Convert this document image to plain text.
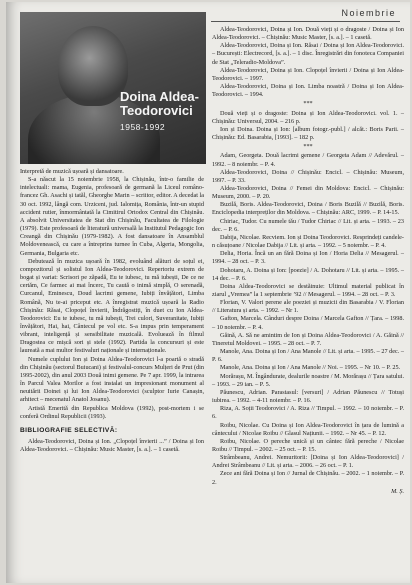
Noiembrie
Doina Aldea-
Teodorovici
1958-1992

Interpretă de muzică ușoară și dansatoare.

S-a născut la 15 noiembrie 1958, la Chișinău, într-o familie de intelectuali: mama, Eugenia, profesoară de germană la Liceul româno-francez Gh. Asachi și tatăl, Gheorghe Marin – scriitor, editor. A decedat la 30 oct. 1992, lângă com. Urziceni, jud. Ialomița, România, într-un stupid accident rutier, înmormântată la Cimitirul Ortodox Central din Chișinău. A absolvit Universitatea de Stat din Chișinău, Facultatea de Filologie (1979). Este profesoară de literatură universală la Institutul Pedagogic Ion Creangă din Chișinău (1979-1982). A fost dansatoare în Ansamblul Moldovenească, cu care a întreprins turnee în Cuba, Algeria, Mongolia, Germania, Bulgaria etc.

Debutează în muzica ușoară în 1982, evoluând alături de soțul ei, compozitorul și solistul Ion Aldea-Teodorovici. Repertoriu extrem de bogat și variat: Scrisori pe zăpadă, Eu te iubesc, tu mă iubești, De ce ne certăm, Ce farmec ai mai încerc, Tu caută o inimă simplă, O serenadă, Curcanul, Eminescu, Doud lacrimi gemene, Iubiți învățători, Limba Română, Nu te-ai priceput etc. A înregistrat muzică ușoară la Radio Chișinău: Răsai, Clopoțel învierii, Îndrăgostiți, în duet cu Ion Aldea-Teodorovici: Eu te iubesc, tu mă iubești, Trei culori, Suveranitate, Iubiți învățători, Hai, hai, Cântecul pe vol etc. S-a impus prin temperament vibrant, inteligență și sensibilitate muzicală. Evoluează în filmul Dragostea ce mișcă sori și stele (1992). Partida la concursuri și este laureată a mai multor festivaluri naționale și internaționale.

Numele cuplului Ion și Doina Aldea-Teodorovici l-a poartă o stradă din Chișinău (sectorul Buiucani) și festivalul-concurs Mulțeri de Prut (din 1995-2002), din anul 2003 Două inimi gemene. Pe 7 apr. 1999, la intrarea în Parcul Valea Morilor a fost instalat un impresionant monument al neuitării Doinei și lui Ion Aldea-Teodorovici (sculptor Iurie Canașin, arhitect – mecenatul Anatol Josanu).

Artistă Emerită din Republica Moldova (1992), post-mortem i se conferă Ordinul Republicii (1993).

BIBLIOGRAFIE SELECTIVĂ:

Aldea-Teodorovici, Doina și Ion. „Clopoțel învierii ...” / Doina și Ion Aldea-Teodorovici. – Chișinău: Music Master, [s. a.]. – 1 casetă.

Aldea-Teodorovici, Doina și Ion. Două vieți și o dragoste / Doina și Ion Aldea-Teodorovici. – Chișinău: Music Master, [s. a.]. – 1 casetă.

Aldea-Teodorovici, Doina și Ion. Răsai / Doina și Ion Aldea-Teodorovici. – București: Electrecord, [s. a.]. – 1 disc. Înregistrări din fonoteca Companiei de Stat „Teleradio-Moldova”.

Aldea-Teodorovici, Doina și Ion. Clopoțel învierii / Doina și Ion Aldea-Teodorovici. – 1997.

Aldea-Teodorovici, Doina și Ion. Limba noastră / Doina și Ion Aldea-Teodorovici. – 1994.

***

Două vieți și o dragoste: Doina și Ion Aldea-Teodorovici. vol. 1. – Chișinău: Universul, 2004. – 216 p.

Ion și Doina. Doina și Ion: [album fotogr.-publ.] / alcăt.: Boris Parii. – Chișinău: Ed. Basarabia, [1993]. – 182 p.

***

Adam, Georgeta. Două lacrimi gemene / Georgeta Adam // Adevărul. – 1992. – 8 noiembr. – P. 4.

Aldea-Teodorovici, Doina // Chișinău: Encicl. – Chișinău: Museum, 1997. – P. 33.

Aldea-Teodorovici, Doina // Femei din Moldova: Encicl. – Chișinău: Museum, 2000. – P. 20.

Buzilă, Boris. Aldea-Teodorovici, Doina / Boris Buzilă // Buzilă, Boris. Enciclopedia interpreților din Moldova. – Chișinău: ARC, 1999. – P. 14-15.

Chiriac, Tudor. Cu numele tău / Tudor Chiriac // Lit. și arta. – 1993. – 23 dec. – P. 6.

Dabija, Nicolae. Recviem. Ion și Doina Teodorovici. Resprindeți candele-n căsuțoane / Nicolae Dabija // Lit. și arta. – 1992. – 5 noiembr. – P. 4.

Delia, Horia. Încă un an fără Doina și Ion / Horia Delia // Mesagerul. – 1994. – 28 oct. – P. 3.

Dohotaru, A. Doina și Ion: [poezie] / A. Dohotaru // Lit. și arta. – 1995. – 14 dec. – P. 6.

Doina Aldea-Teodorovici se destăinuie: Ultimul material publicat în ziarul „Vremea” la 1 septembrie ’92 // Mesagerul. – 1994. – 28 oct. – P. 3.

Florian, V. Valori perene ale poeziei și muzicii din Basarabia / V. Florian // Literatura și arta. – 1992. – Nr 1.

Gafton, Marcela. Cânduri despre Doina / Marcela Gafton // Țara. – 1998. – 10 noiembr. – P. 4.

Găină, A. Să ne amintim de Ion și Doina Aldea-Teodorovici / A. Găină // Tineretul Moldovei. – 1995. – 28 oct. – P. 7.

Manole, Ana. Doina și Ion / Ana Manole // Lit. și arta. – 1995. – 27 dec. – P. 6.

Manole, Ana. Doina și Ion / Ana Manole // Noi. – 1995. – Nr 10. – P. 25.

Morărașu, M. Îngândurate, dealurile noastre / M. Morărașu // Țara satului. – 1993. – 29 ian. – P. 5.

Păunescu, Adrian. Parastasul: [versuri] / Adrian Păunescu // Totuși iubirea. – 1992. – 4-11 noiembr. – P. 16.

Riza, A. Soții Teodorovici / A. Riza // Timpul. – 1992. – 10 noiembr. – P. 6.

Roibu, Nicolae. Cu Doina și Ion Aldea-Teodorovici în țara de lumină a cântecului / Nicolae Roibu // Glasul Națiunii. – 1992. – Nr 45. – P. 12.

Roibu, Nicolae. O pereche unică și un cântec fără pereche / Nicolae Roibu // Timpul. – 2002. – 25 oct. – P. 15.

Strâmbeanu, Andrei. Nemuritorii: [Doina și Ion Aldea-Teodorovici] / Andrei Strâmbeanu // Lit. și arta. – 2006. – 26 oct. – P. 1.

Zece ani fără Doina și Ion // Jurnal de Chișinău. – 2002. – 1 noiembr. – P. 2.

M. Ș.
